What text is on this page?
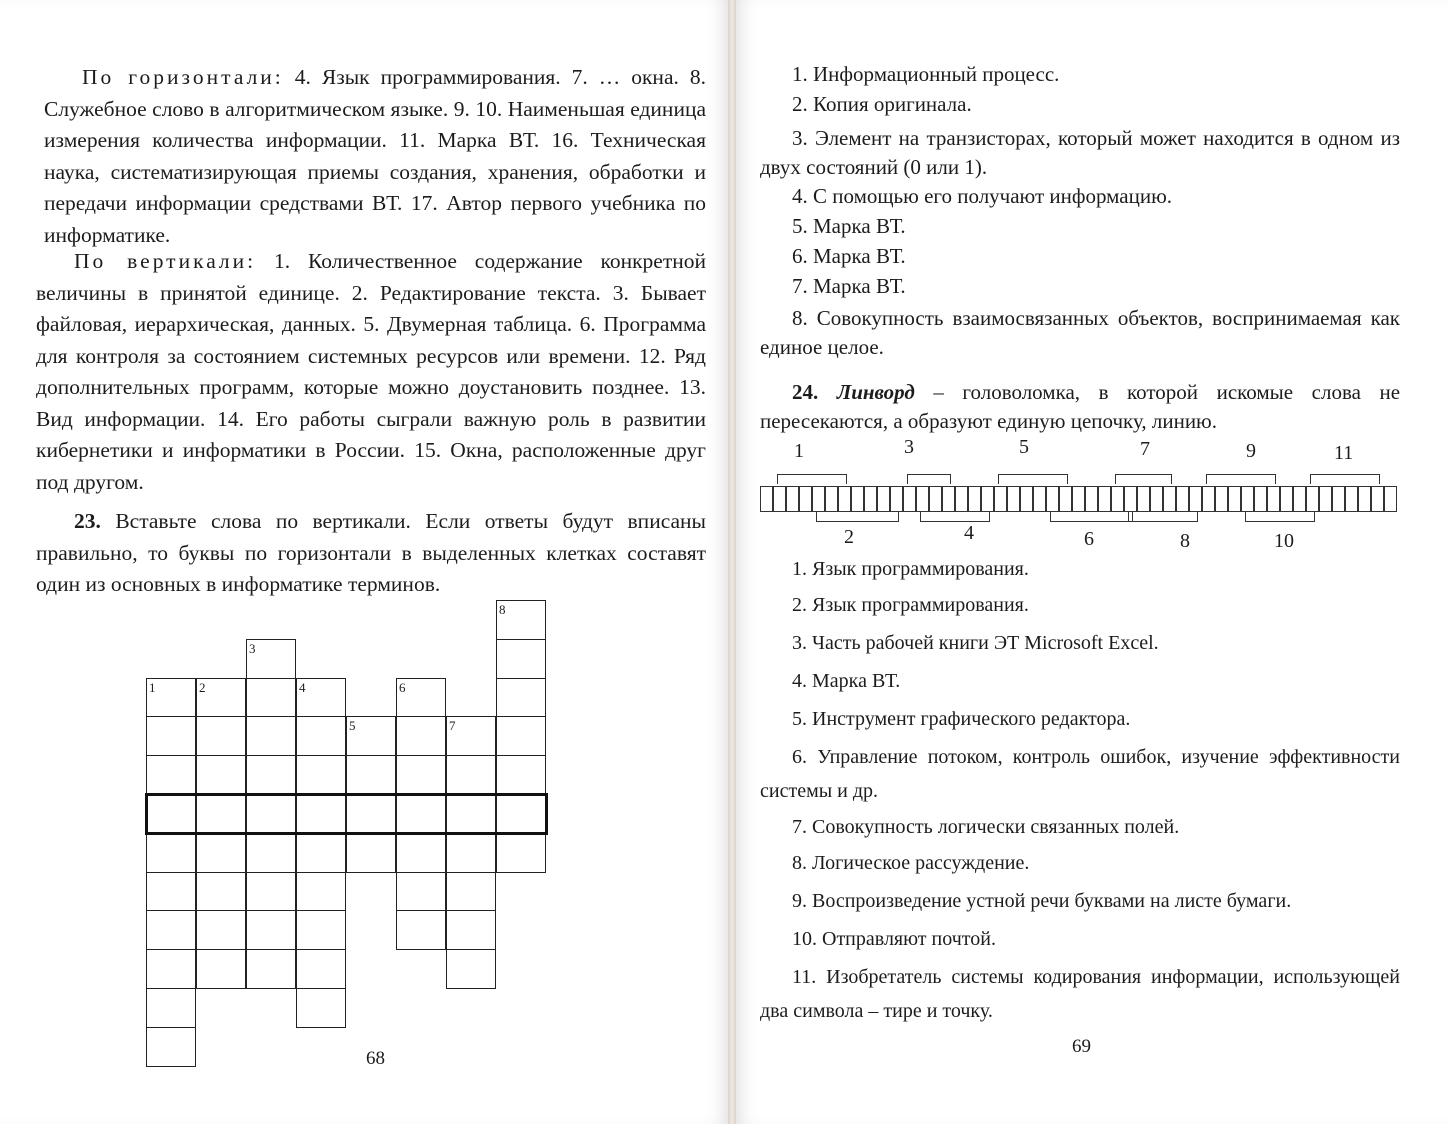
По горизонтали: 4. Язык программирования. 7. … окна. 8. Служебное слово в алгоритмическом языке. 9. 10. Наименьшая единица измерения количества информации. 11. Марка ВТ. 16. Техническая наука, систематизирующая приемы создания, хранения, обработки и передачи информации средствами ВТ. 17. Автор первого учебника по информатике.

По вертикали: 1. Количественное содержание конкретной величины в принятой единице. 2. Редактирование текста. 3. Бывает файловая, иерархическая, данных. 5. Двумерная таблица. 6. Программа для контроля за состоянием системных ресурсов или времени. 12. Ряд дополнительных программ, которые можно доустановить позднее. 13. Вид информации. 14. Его работы сыграли важную роль в развитии кибернетики и информатики в России. 15. Окна, расположенные друг под другом.

23. Вставьте слова по вертикали. Если ответы будут вписаны правильно, то буквы по горизонтали в выделенных клетках составят один из основных в информатике терминов.

1	2
3
4
5
6
7
8
68

1. Информационный процесс.

2. Копия оригинала.

3. Элемент на транзисторах, который может находится в одном из двух состояний (0 или 1).

4. С помощью его получают информацию.

5. Марка ВТ.

6. Марка ВТ.

7. Марка ВТ.

8. Совокупность взаимосвязанных объектов, воспринимаемая как единое целое.

24. Линворд – головоломка, в которой искомые слова не пересекаются, а образуют единую цепочку, линию.

1	3	5	7	9	11
2	4	6	8	10

1. Язык программирования.

2. Язык программирования.

3. Часть рабочей книги ЭТ Microsoft Excel.

4. Марка ВТ.

5. Инструмент графического редактора.

6. Управление потоком, контроль ошибок, изучение эффективности системы и др.

7. Совокупность логически связанных полей.

8. Логическое рассуждение.

9. Воспроизведение устной речи буквами на листе бумаги.

10. Отправляют почтой.

11. Изобретатель системы кодирования информации, использующей два символа – тире и точку.

69
